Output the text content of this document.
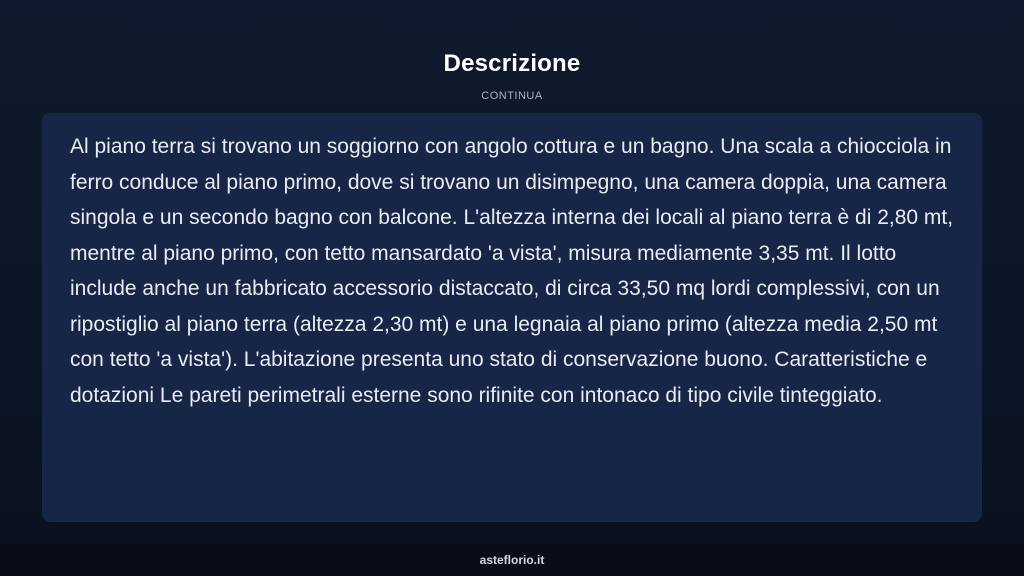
Descrizione
CONTINUA

Al piano terra si trovano un soggiorno con angolo cottura e un bagno. Una scala a chiocciola in ferro conduce al piano primo, dove si trovano un disimpegno, una camera doppia, una camera singola e un secondo bagno con balcone. L'altezza interna dei locali al piano terra è di 2,80 mt, mentre al piano primo, con tetto mansardato 'a vista', misura mediamente 3,35 mt. Il lotto include anche un fabbricato accessorio distaccato, di circa 33,50 mq lordi complessivi, con un ripostiglio al piano terra (altezza 2,30 mt) e una legnaia al piano primo (altezza media 2,50 mt con tetto 'a vista'). L'abitazione presenta uno stato di conservazione buono. Caratteristiche e dotazioni Le pareti perimetrali esterne sono rifinite con intonaco di tipo civile tinteggiato.

asteflorio.it
